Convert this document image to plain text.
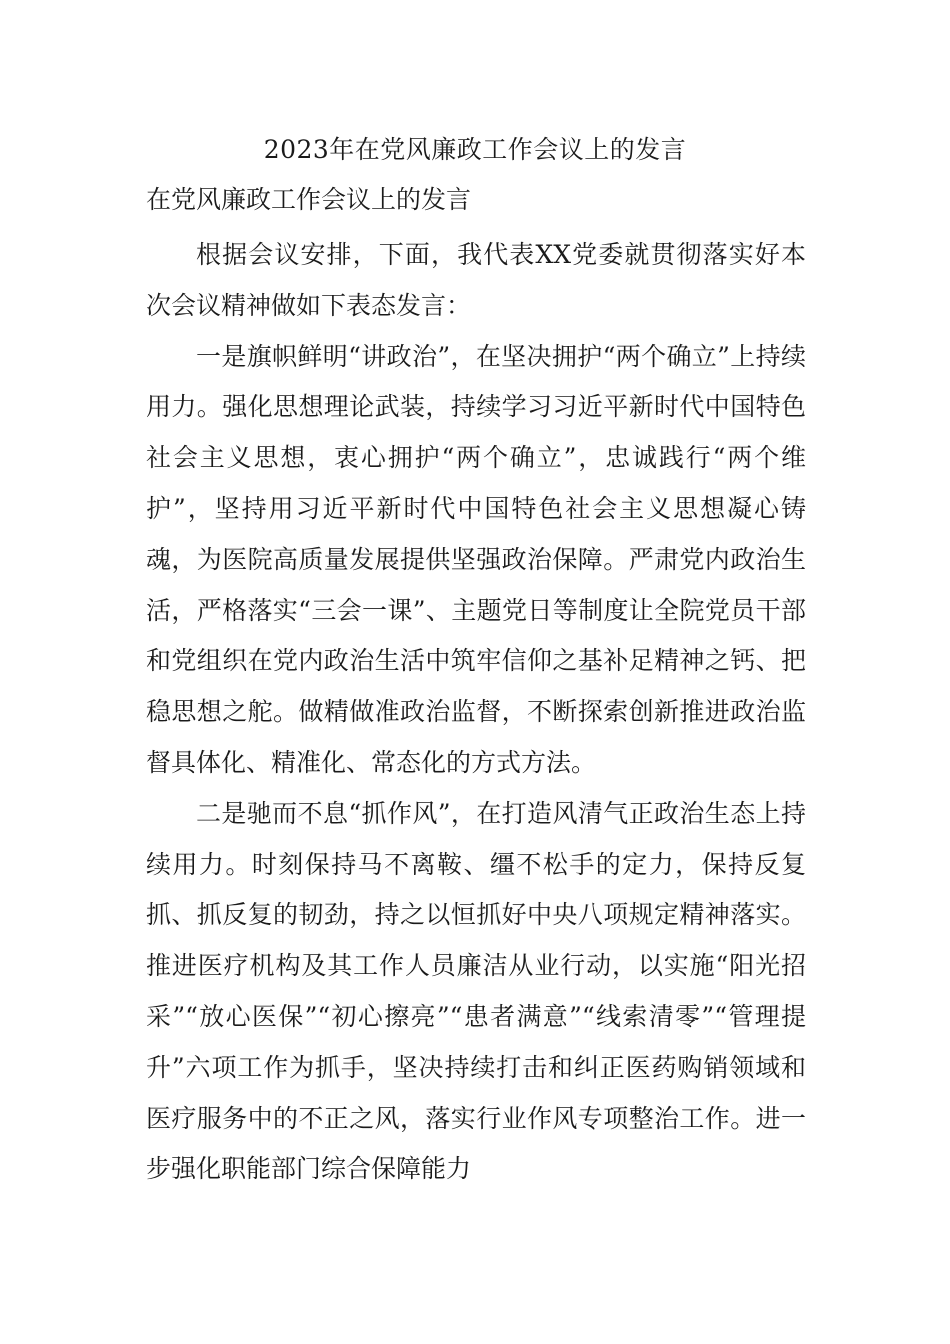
2023年在党风廉政工作会议上的发言
在党风廉政工作会议上的发言

根据会议安排，下面，我代表XX党委就贯彻落实好本次会议精神做如下表态发言：

一是旗帜鲜明“讲政治”，在坚决拥护“两个确立”上持续用力。强化思想理论武装，持续学习习近平新时代中国特色社会主义思想，衷心拥护“两个确立”，忠诚践行“两个维护”，坚持用习近平新时代中国特色社会主义思想凝心铸魂，为医院高质量发展提供坚强政治保障。严肃党内政治生活，严格落实“三会一课”、主题党日等制度让全院党员干部和党组织在党内政治生活中筑牢信仰之基补足精神之钙、把稳思想之舵。做精做准政治监督，不断探索创新推进政治监督具体化、精准化、常态化的方式方法。

二是驰而不息“抓作风”，在打造风清气正政治生态上持续用力。时刻保持马不离鞍、缰不松手的定力，保持反复抓、抓反复的韧劲，持之以恒抓好中央八项规定精神落实。推进医疗机构及其工作人员廉洁从业行动，以实施“阳光招采”“放心医保”“初心擦亮”“患者满意”“线索清零”“管理提升”六项工作为抓手，坚决持续打击和纠正医药购销领域和医疗服务中的不正之风，落实行业作风专项整治工作。进一步强化职能部门综合保障能力
